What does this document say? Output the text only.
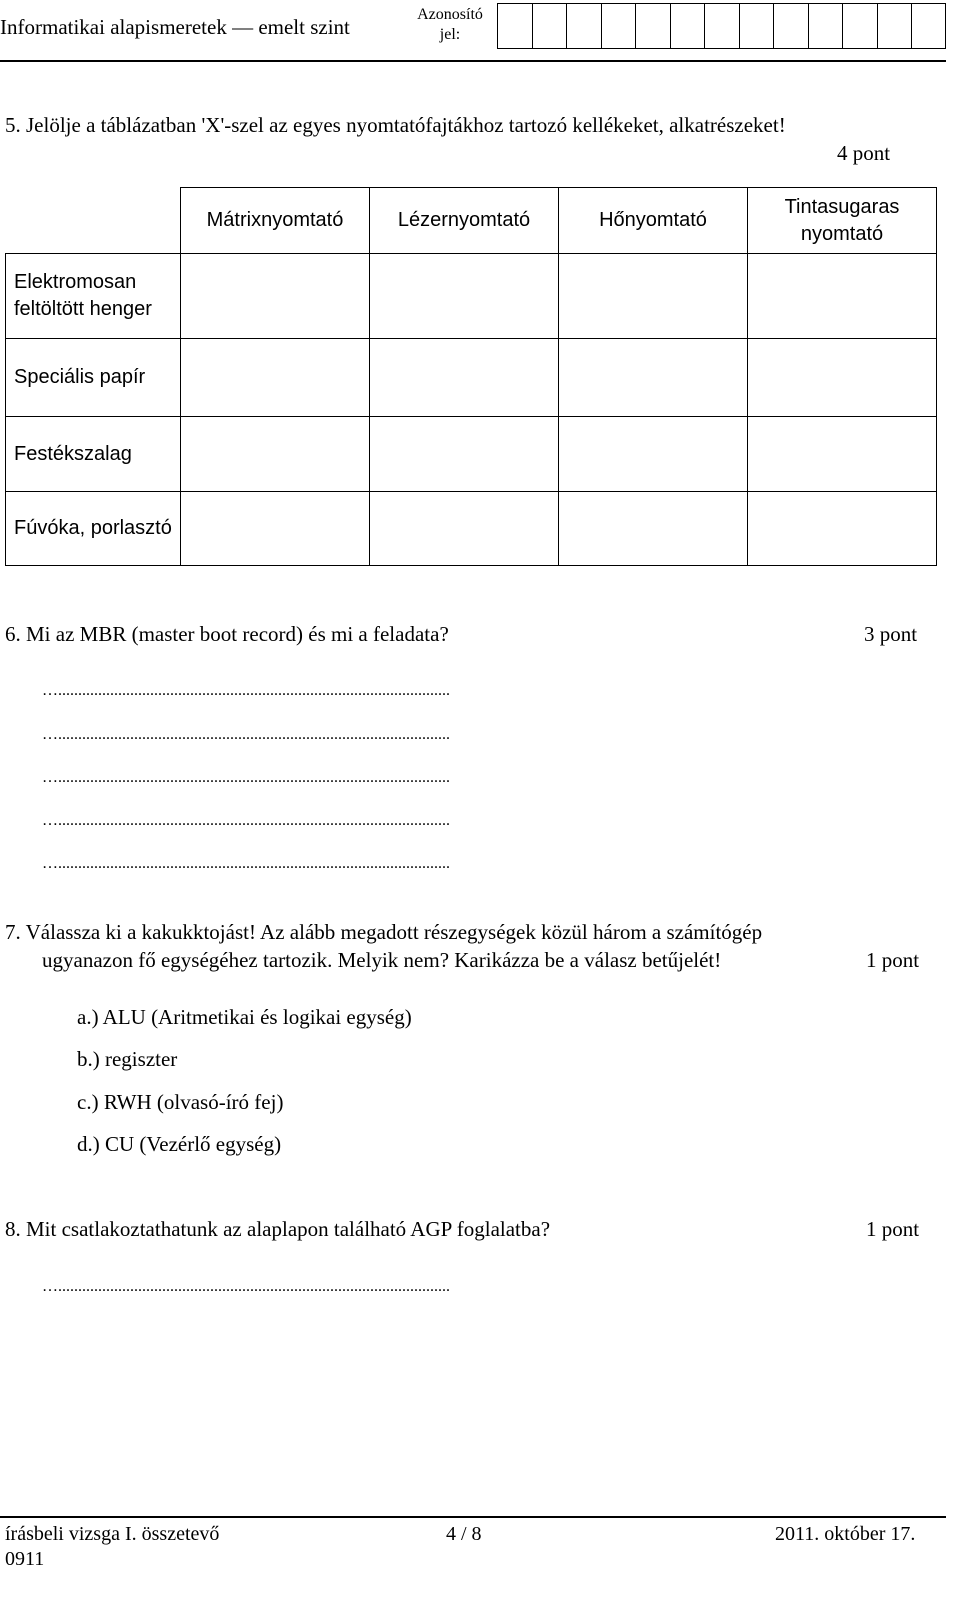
Informatikai alapismeretek — emelt szint
Azonosító jel:
5. Jelölje a táblázatban 'X'-szel az egyes nyomtatófajtákhoz tartozó kellékeket, alkatrészeket!
4 pont
	Mátrixnyomtató	Lézernyomtató	Hőnyomtató	Tintasugaras nyomtató
Elektromosan feltöltött henger				
Speciális papír				
Festékszalag				
Fúvóka, porlasztó				
6. Mi az MBR (master boot record) és mi a feladata?	3 pont
…..................................................................................................
…..................................................................................................
…..................................................................................................
…..................................................................................................
…..................................................................................................
7. Válassza ki a kakukktojást! Az alább megadott részegységek közül három a számítógép
ugyanazon fő egységéhez tartozik. Melyik nem? Karikázza be a válasz betűjelét!	1 pont
a.) ALU (Aritmetikai és logikai egység)
b.) regiszter
c.) RWH (olvasó-író fej)
d.) CU (Vezérlő egység)
8. Mit csatlakoztathatunk az alaplapon található AGP foglalatba?	1 pont
…..................................................................................................
írásbeli vizsga I. összetevő
0911
4 / 8	2011. október 17.
